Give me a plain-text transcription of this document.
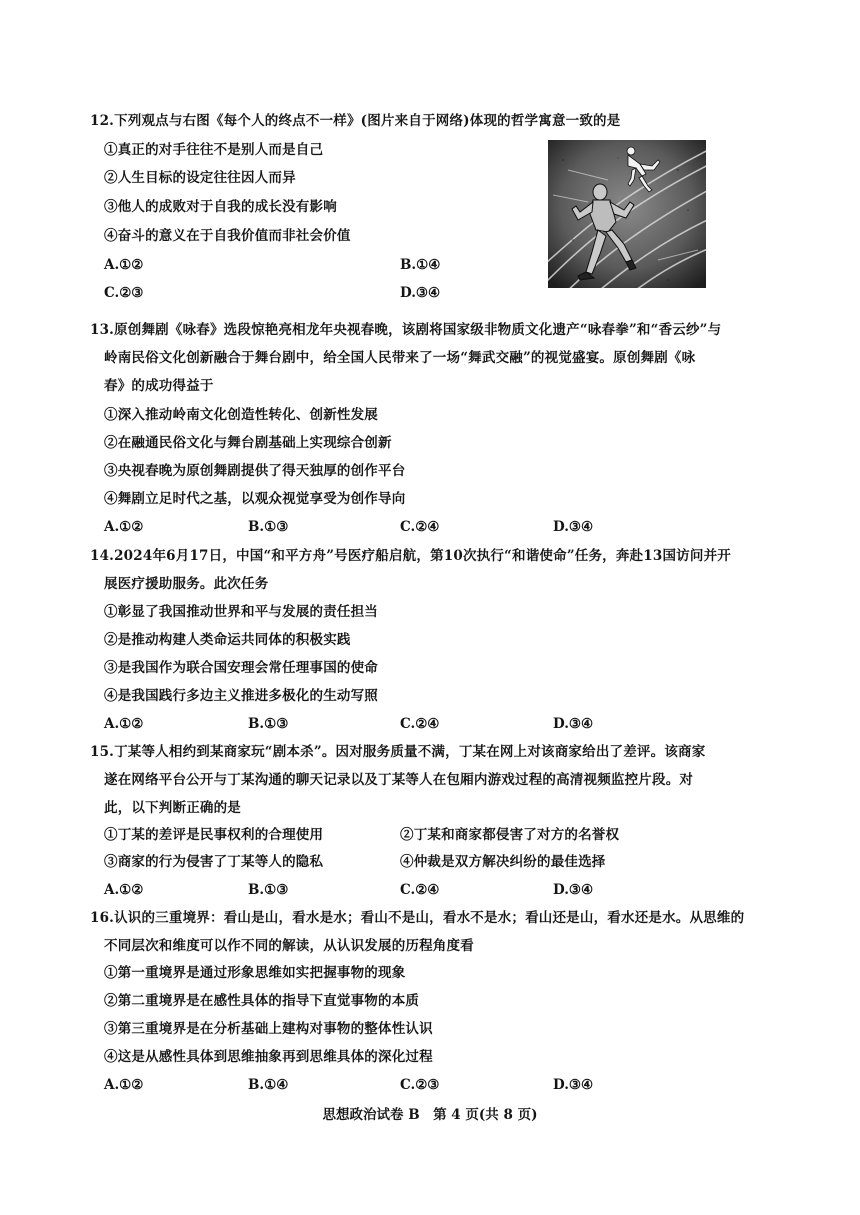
12.下列观点与右图《每个人的终点不一样》(图片来自于网络)体现的哲学寓意一致的是
①真正的对手往往不是别人而是自己
②人生目标的设定往往因人而异
③他人的成败对于自我的成长没有影响
④奋斗的意义在于自我价值而非社会价值
A.①②	B.①④
C.②③	D.③④
13.原创舞剧《咏春》选段惊艳亮相龙年央视春晚，该剧将国家级非物质文化遗产“咏春拳”和“香云纱”与
岭南民俗文化创新融合于舞台剧中，给全国人民带来了一场“舞武交融”的视觉盛宴。原创舞剧《咏
春》的成功得益于
①深入推动岭南文化创造性转化、创新性发展
②在融通民俗文化与舞台剧基础上实现综合创新
③央视春晚为原创舞剧提供了得天独厚的创作平台
④舞剧立足时代之基，以观众视觉享受为创作导向
A.①②	B.①③	C.②④	D.③④
14.2024年6月17日，中国“和平方舟”号医疗船启航，第10次执行“和谐使命”任务，奔赴13国访问并开
展医疗援助服务。此次任务
①彰显了我国推动世界和平与发展的责任担当
②是推动构建人类命运共同体的积极实践
③是我国作为联合国安理会常任理事国的使命
④是我国践行多边主义推进多极化的生动写照
A.①②	B.①③	C.②④	D.③④
15.丁某等人相约到某商家玩“剧本杀”。因对服务质量不满，丁某在网上对该商家给出了差评。该商家
遂在网络平台公开与丁某沟通的聊天记录以及丁某等人在包厢内游戏过程的高清视频监控片段。对
此，以下判断正确的是
①丁某的差评是民事权利的合理使用	②丁某和商家都侵害了对方的名誉权
③商家的行为侵害了丁某等人的隐私	④仲裁是双方解决纠纷的最佳选择
A.①②	B.①③	C.②④	D.③④
16.认识的三重境界：看山是山，看水是水；看山不是山，看水不是水；看山还是山，看水还是水。从思维的
不同层次和维度可以作不同的解读，从认识发展的历程角度看
①第一重境界是通过形象思维如实把握事物的现象
②第二重境界是在感性具体的指导下直觉事物的本质
③第三重境界是在分析基础上建构对事物的整体性认识
④这是从感性具体到思维抽象再到思维具体的深化过程
A.①②	B.①④	C.②③	D.③④
思想政治试卷 B　第 4 页(共 8 页)
